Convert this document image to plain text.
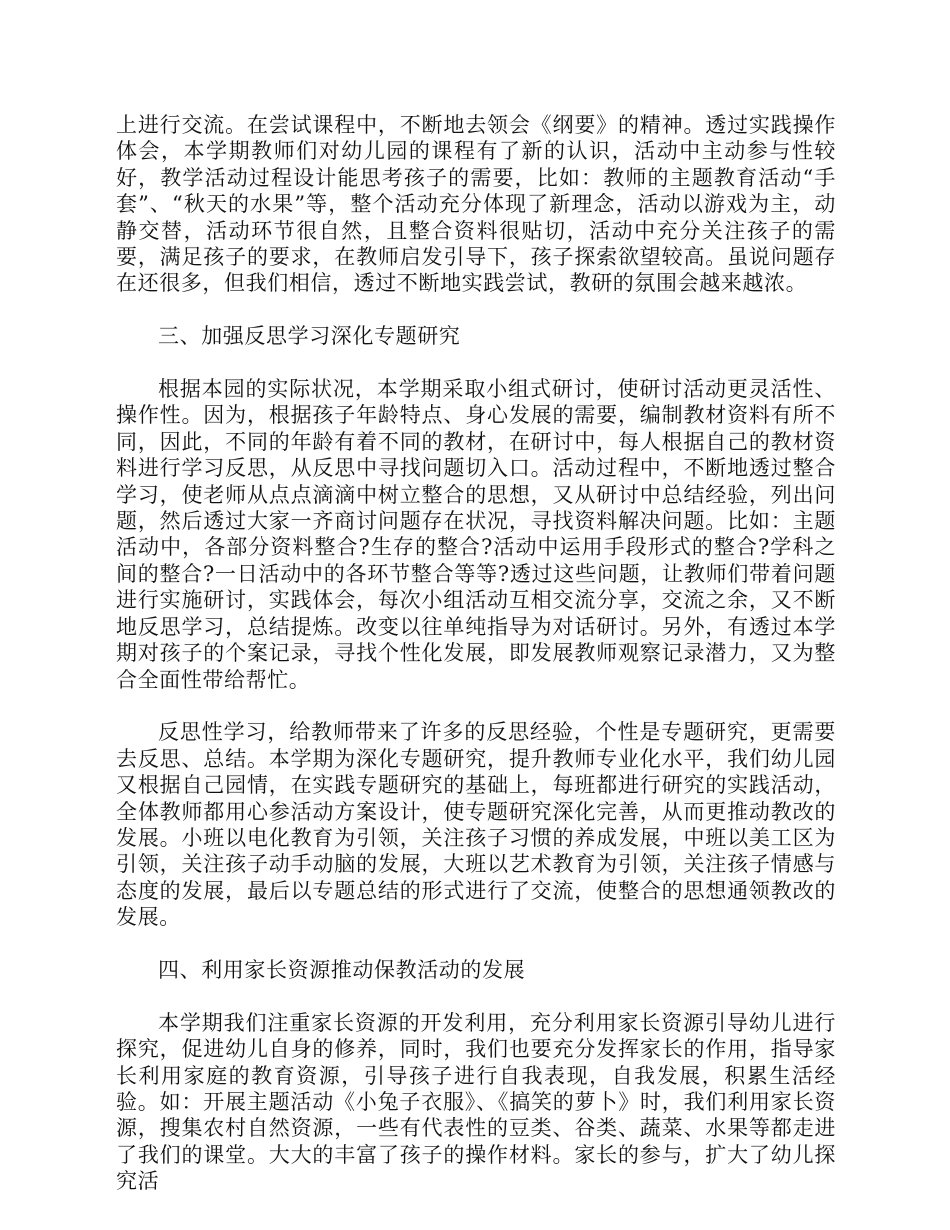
上进行交流。在尝试课程中，不断地去领会《纲要》的精神。透过实践操作体会，本学期教师们对幼儿园的课程有了新的认识，活动中主动参与性较好，教学活动过程设计能思考孩子的需要，比如：教师的主题教育活动“手套”、“秋天的水果”等，整个活动充分体现了新理念，活动以游戏为主，动静交替，活动环节很自然，且整合资料很贴切，活动中充分关注孩子的需要，满足孩子的要求，在教师启发引导下，孩子探索欲望较高。虽说问题存在还很多，但我们相信，透过不断地实践尝试，教研的氛围会越来越浓。

三、加强反思学习深化专题研究

根据本园的实际状况，本学期采取小组式研讨，使研讨活动更灵活性、操作性。因为，根据孩子年龄特点、身心发展的需要，编制教材资料有所不同，因此，不同的年龄有着不同的教材，在研讨中，每人根据自己的教材资料进行学习反思，从反思中寻找问题切入口。活动过程中，不断地透过整合学习，使老师从点点滴滴中树立整合的思想，又从研讨中总结经验，列出问题，然后透过大家一齐商讨问题存在状况，寻找资料解决问题。比如：主题活动中，各部分资料整合?生存的整合?活动中运用手段形式的整合?学科之间的整合?一日活动中的各环节整合等等?透过这些问题，让教师们带着问题进行实施研讨，实践体会，每次小组活动互相交流分享，交流之余，又不断地反思学习，总结提炼。改变以往单纯指导为对话研讨。另外，有透过本学期对孩子的个案记录，寻找个性化发展，即发展教师观察记录潜力，又为整合全面性带给帮忙。

反思性学习，给教师带来了许多的反思经验，个性是专题研究，更需要去反思、总结。本学期为深化专题研究，提升教师专业化水平，我们幼儿园又根据自己园情，在实践专题研究的基础上，每班都进行研究的实践活动，全体教师都用心参活动方案设计，使专题研究深化完善，从而更推动教改的发展。小班以电化教育为引领，关注孩子习惯的养成发展，中班以美工区为引领，关注孩子动手动脑的发展，大班以艺术教育为引领，关注孩子情感与态度的发展，最后以专题总结的形式进行了交流，使整合的思想通领教改的发展。

四、利用家长资源推动保教活动的发展

本学期我们注重家长资源的开发利用，充分利用家长资源引导幼儿进行探究，促进幼儿自身的修养，同时，我们也要充分发挥家长的作用，指导家长利用家庭的教育资源，引导孩子进行自我表现，自我发展，积累生活经验。如：开展主题活动《小兔子衣服》、《搞笑的萝卜》时，我们利用家长资源，搜集农村自然资源，一些有代表性的豆类、谷类、蔬菜、水果等都走进了我们的课堂。大大的丰富了孩子的操作材料。家长的参与，扩大了幼儿探究活
